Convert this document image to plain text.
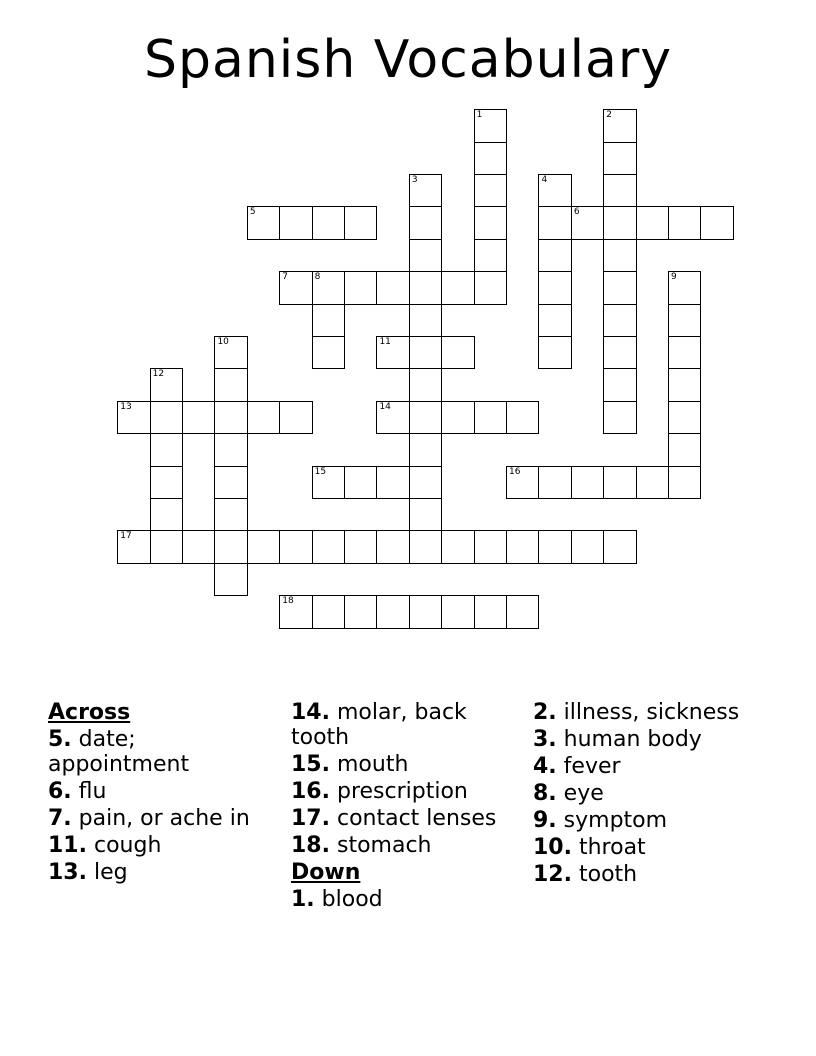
Spanish Vocabulary
5	6
7	8
11
13	14
15	16
17
18
1	2
3	4
9
10
12
Across
5. date; appointment
6. flu
7. pain, or ache in
11. cough
13. leg
14. molar, back tooth
15. mouth
16. prescription
17. contact lenses
18. stomach
Down
1. blood
2. illness, sickness
3. human body
4. fever
8. eye
9. symptom
10. throat
12. tooth
